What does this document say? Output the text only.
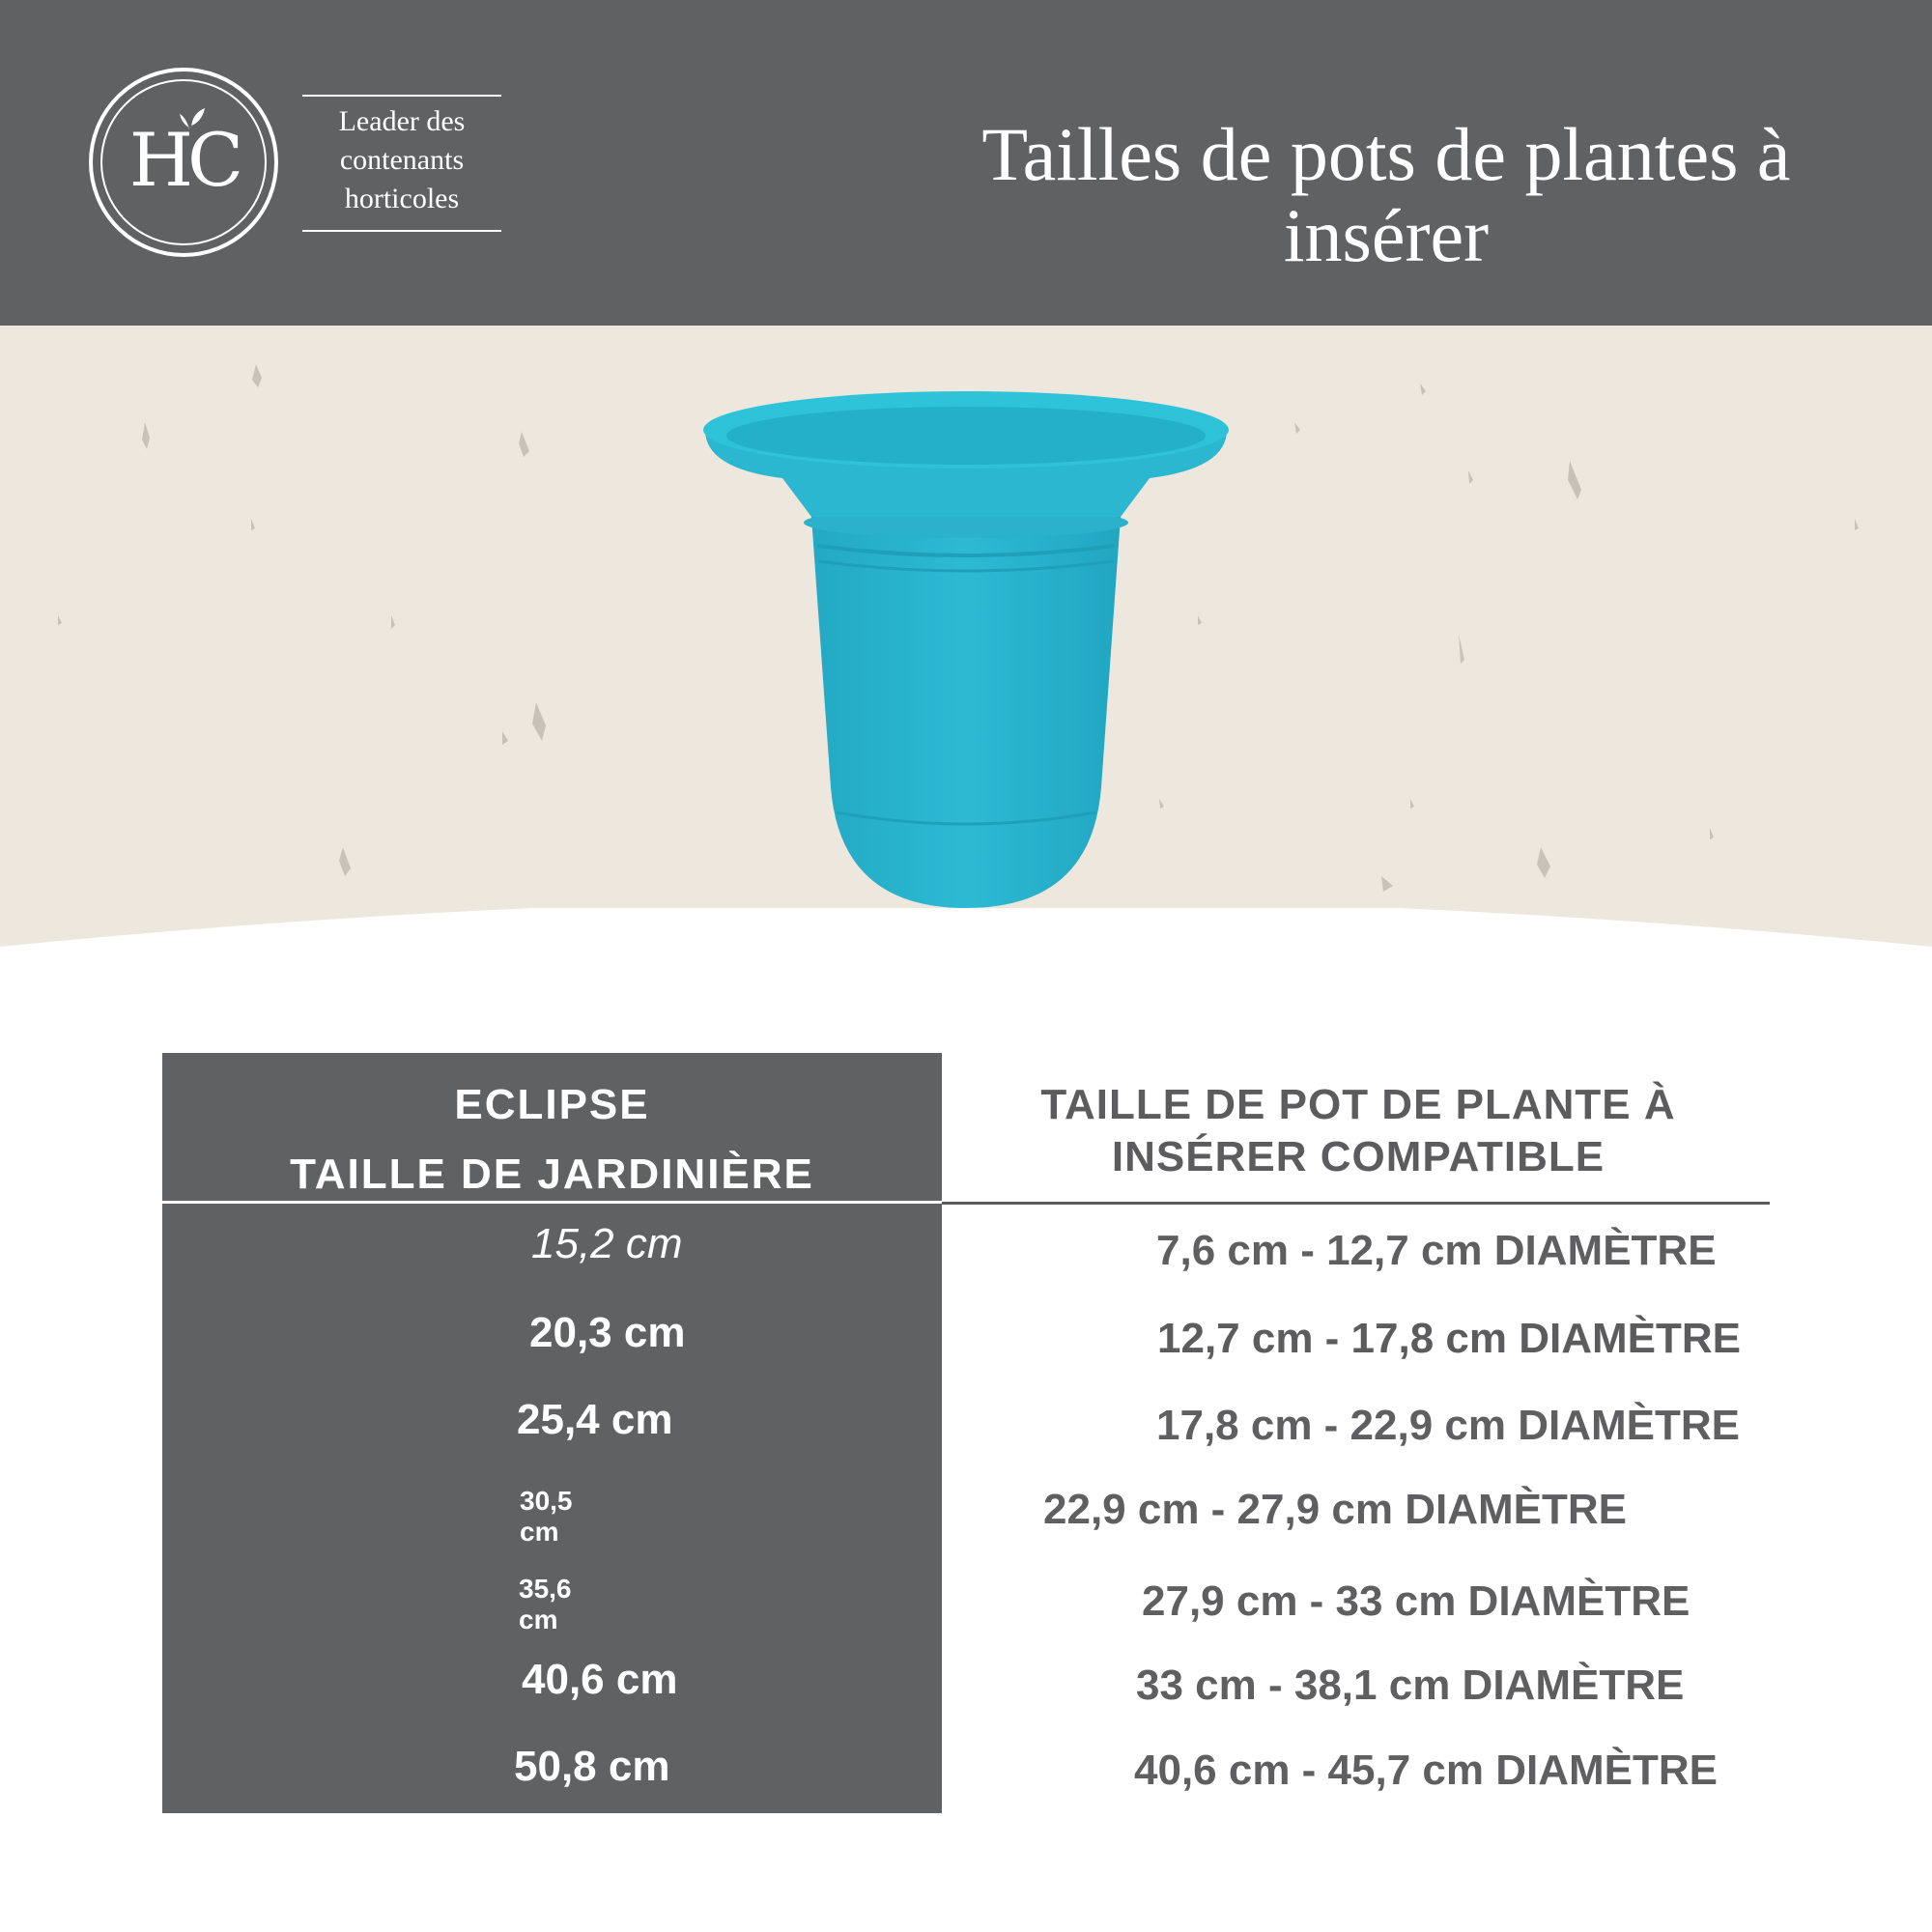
HC	Leader des
contenants
horticoles
Tailles de pots de plantes à insérer
ECLIPSE
TAILLE DE JARDINIÈRE
TAILLE DE POT DE PLANTE À
INSÉRER COMPATIBLE
15,2 cm
20,3 cm
25,4 cm
30,5 cm
35,6 cm
40,6 cm
50,8 cm
7,6 cm - 12,7 cm DIAMÈTRE
12,7 cm - 17,8 cm DIAMÈTRE
17,8 cm - 22,9 cm DIAMÈTRE
22,9 cm - 27,9 cm DIAMÈTRE
27,9 cm - 33 cm DIAMÈTRE
33 cm - 38,1 cm DIAMÈTRE
40,6 cm - 45,7 cm DIAMÈTRE
